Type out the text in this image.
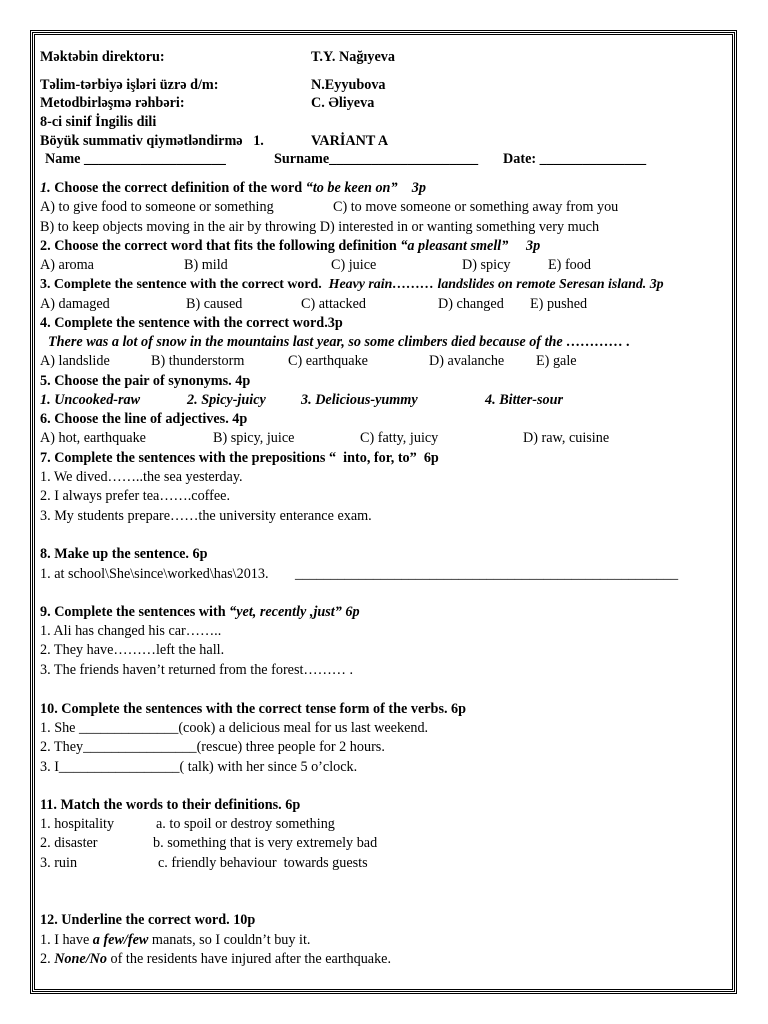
Məktəbin direktoru:	T.Y. Nağıyeva
Təlim-tərbiyə işləri üzrə d/m:	N.Eyyubova
Metodbirləşmə rəhbəri:	C. Əliyeva
8-ci sinif İngilis dili
Böyük summativ qiymətləndirmə   1.	VARİANT A
Name ____________________	Surname_____________________ Date: _______________
1. Choose the correct definition of the word “to be keen on”    3p
A) to give food to someone or something	C) to move someone or something away from you
B) to keep objects moving in the air by throwing D) interested in or wanting something very much
2. Choose the correct word that fits the following definition “a pleasant smell”     3p
A) aroma	B) mild	C) juice	D) spicy	E) food
3. Complete the sentence with the correct word.  Heavy rain……… landslides on remote Seresan island. 3p
A) damaged	B) caused	C) attacked	D) changed E) pushed
4. Complete the sentence with the correct word.3p
There was a lot of snow in the mountains last year, so some climbers died because of the ………… .
A) landslide	B) thunderstorm	C) earthquake	D) avalanche E) gale
5. Choose the pair of synonyms. 4p
1. Uncooked-raw	2. Spicy-juicy 3. Delicious-yummy	4. Bitter-sour
6. Choose the line of adjectives. 4p
A) hot, earthquake	B) spicy, juice	C) fatty, juicy	D) raw, cuisine
7. Complete the sentences with the prepositions “  into, for, to”  6p
1. We dived……..the sea yesterday.
2. I always prefer tea…….coffee.
3. My students prepare……the university enterance exam.
8. Make up the sentence. 6p
1. at school\She\since\worked\has\2013. ______________________________________________________
9. Complete the sentences with “yet, recently ,just” 6p
1. Ali has changed his car……..
2. They have………left the hall.
3. The friends haven’t returned from the forest……… .
10. Complete the sentences with the correct tense form of the verbs. 6p
1. She ______________(cook) a delicious meal for us last weekend.
2. They________________(rescue) three people for 2 hours.
3. I_________________( talk) with her since 5 o’clock.
11. Match the words to their definitions. 6p
1. hospitality	a. to spoil or destroy something
2. disaster	b. something that is very extremely bad
3. ruin	c. friendly behaviour  towards guests
12. Underline the correct word. 10p
1. I have a few/few manats, so I couldn’t buy it.
2. None/No of the residents have injured after the earthquake.
